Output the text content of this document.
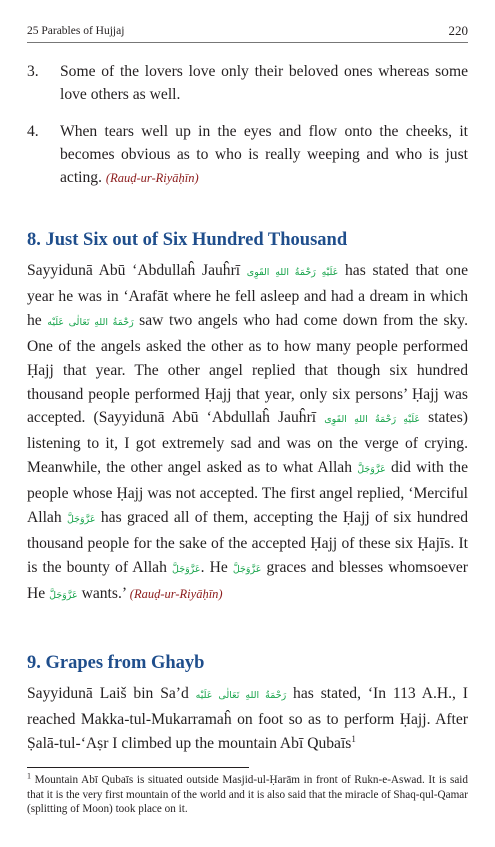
25 Parables of Hujjaj	220
3.	Some of the lovers love only their beloved ones whereas some love others as well.
4.	When tears well up in the eyes and flow onto the cheeks, it becomes obvious as to who is really weeping and who is just acting. (Rauḍ-ur-Riyāḥīn)
8. Just Six out of Six Hundred Thousand

Sayyidunā Abū ‘Abdullaĥ Jauĥrī عَلَيْهِ رَحْمَةُ اللهِ القَوِى has stated that one year he was in ‘Arafāt where he fell asleep and had a dream in which he رَحْمَةُ اللهِ تَعَالٰى عَلَيْه saw two angels who had come down from the sky. One of the angels asked the other as to how many people performed Ḥajj that year. The other angel replied that though six hundred thousand people performed Ḥajj that year, only six persons’ Ḥajj was accepted. (Sayyidunā Abū ‘Abdullaĥ Jauĥrī عَلَيْهِ رَحْمَةُ اللهِ القَوِى states) listening to it, I got extremely sad and was on the verge of crying. Meanwhile, the other angel asked as to what Allah عَزَّوَجَلَّ did with the people whose Ḥajj was not accepted. The first angel replied, ‘Merciful Allah عَزَّوَجَلَّ has graced all of them, accepting the Ḥajj of six hundred thousand people for the sake of the accepted Ḥajj of these six Ḥajīs. It is the bounty of Allah عَزَّوَجَلَّ. He عَزَّوَجَلَّ graces and blesses whomsoever He عَزَّوَجَلَّ wants.’ (Rauḍ-ur-Riyāḥīn)

9. Grapes from Ghayb

Sayyidunā Laiš bin Sa’d رَحْمَةُ اللهِ تَعَالٰى عَلَيْه has stated, ‘In 113 A.H., I reached Makka-tul-Mukarramaĥ on foot so as to perform Ḥajj. After Ṣalā-tul-‘Aṣr I climbed up the mountain Abī Qubaīs$^1$

$^1$ Mountain Abī Qubaīs is situated outside Masjid-ul-Ḥarām in front of Rukn-e-Aswad. It is said that it is the very first mountain of the world and it is also said that the miracle of Shaq-qul-Qamar (splitting of Moon) took place on it.
